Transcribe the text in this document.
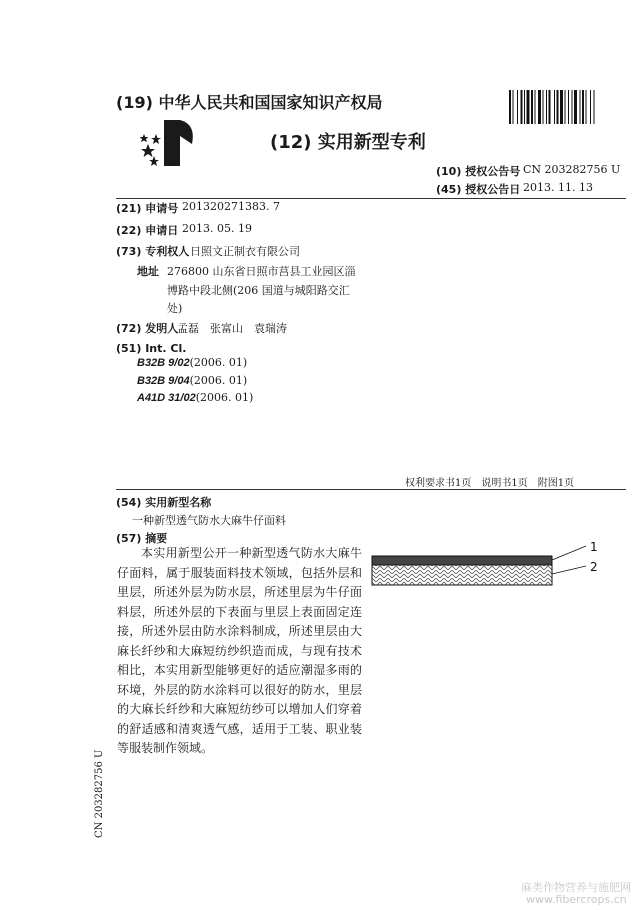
(19) 中华人民共和国国家知识产权局
(12) 实用新型专利
(10) 授权公告号 CN 203282756 U
(45) 授权公告日 2013. 11. 13
(21) 申请号 201320271383. 7
(22) 申请日 2013. 05. 19
(73) 专利权人 日照文正制衣有限公司
地址 276800 山东省日照市莒县工业园区淄
博路中段北侧(206 国道与城阳路交汇
处)
(72) 发明人
孟磊　张富山　袁瑞涛
(51) Int. Cl.
B32B 9/02(2006. 01)
B32B 9/04(2006. 01)
A41D 31/02(2006. 01)
权利要求书1页　说明书1页　附图1页
(54) 实用新型名称
一种新型透气防水大麻牛仔面料
(57) 摘要

本实用新型公开一种新型透气防水大麻牛仔面料，属于服装面料技术领域，包括外层和里层，所述外层为防水层，所述里层为牛仔面料层，所述外层的下表面与里层上表面固定连接，所述外层由防水涂料制成，所述里层由大麻长纤纱和大麻短纺纱织造而成，与现有技术相比，本实用新型能够更好的适应潮湿多雨的环境，外层的防水涂料可以很好的防水，里层的大麻长纤纱和大麻短纺纱可以增加人们穿着的舒适感和清爽透气感，适用于工装、职业装等服装制作领域。

1
2
CN 203282756 U
麻类作物营养与施肥网
www.fibercrops.cn
